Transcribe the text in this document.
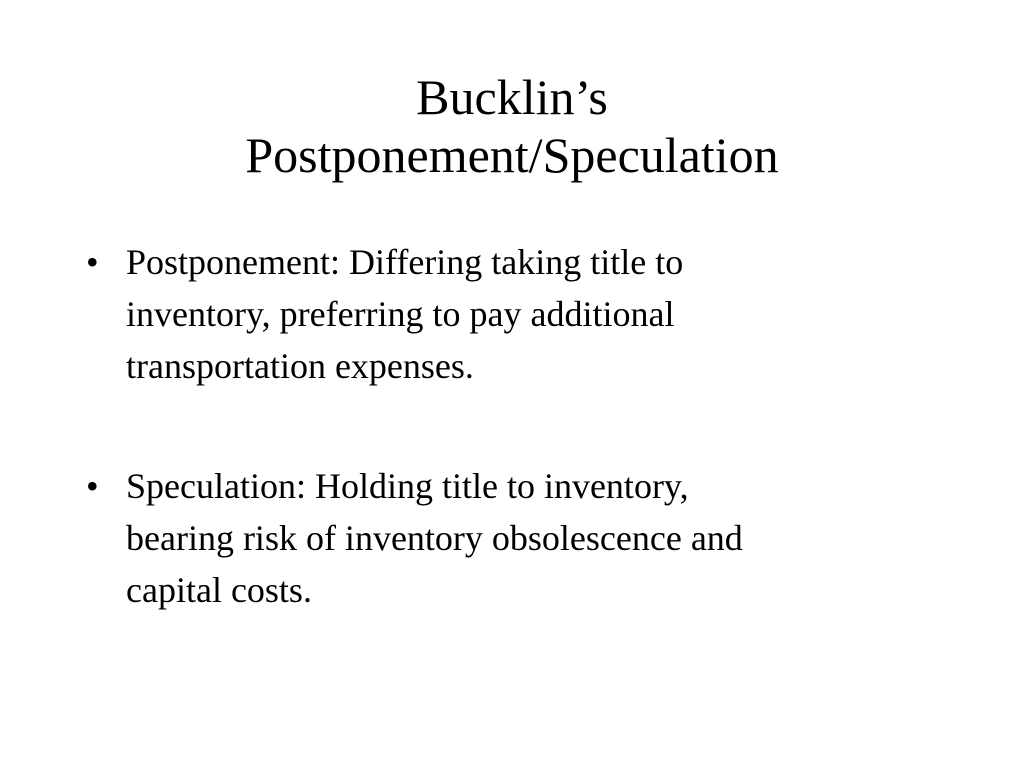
Bucklin’s
Postponement/Speculation
• Postponement: Differing taking title to
inventory, preferring to pay additional
transportation expenses.
• Speculation: Holding title to inventory,
bearing risk of inventory obsolescence and
capital costs.
